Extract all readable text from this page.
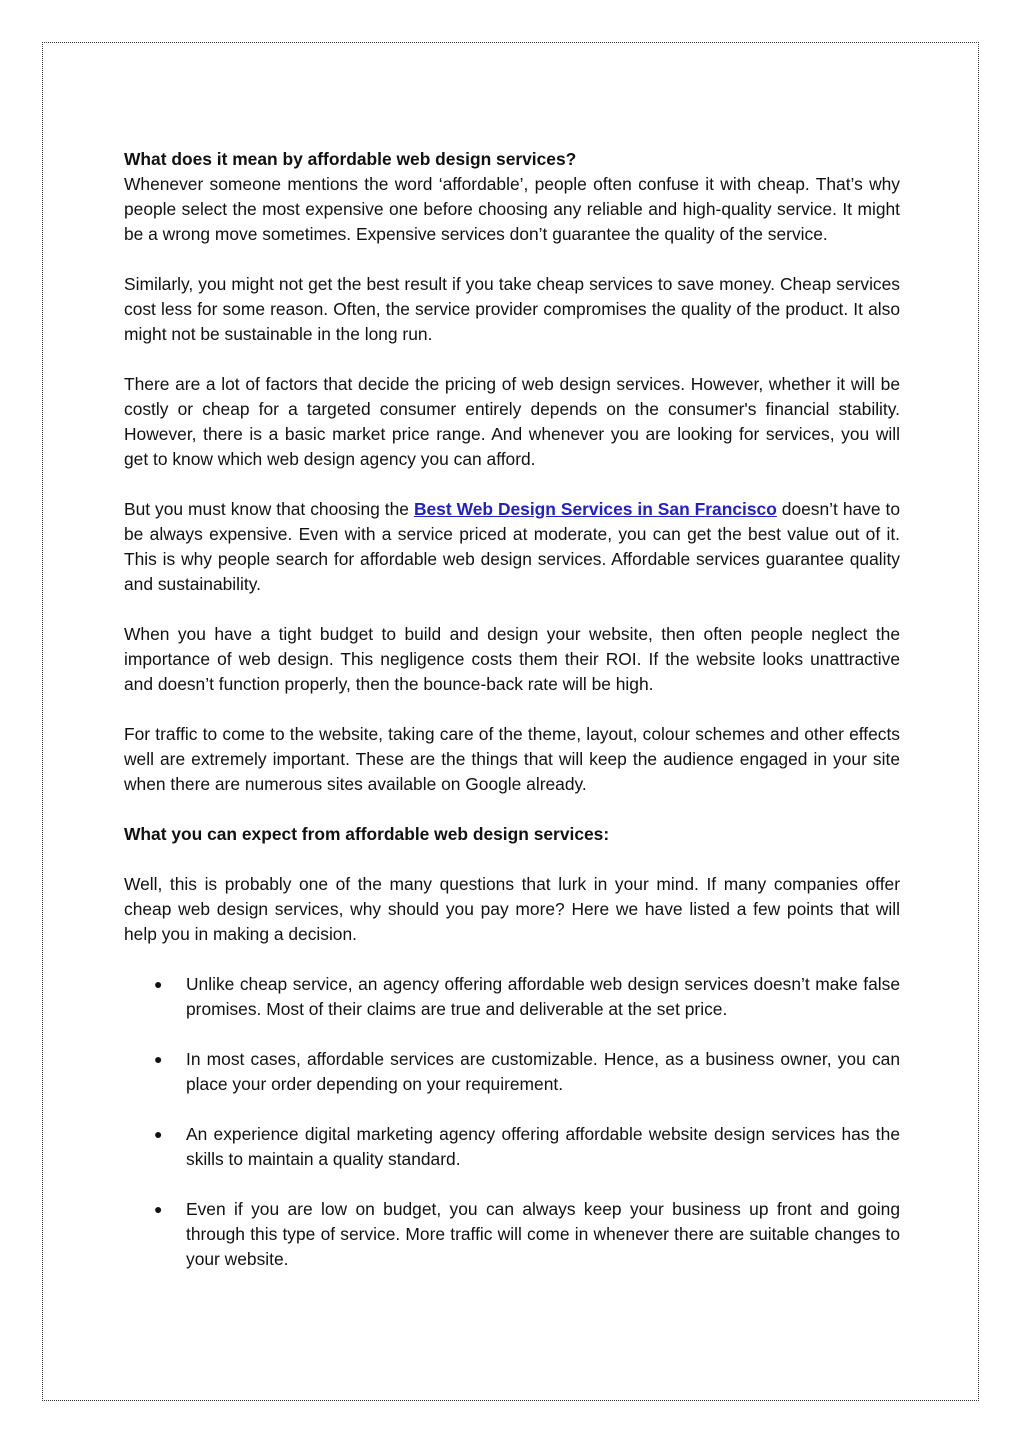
What does it mean by affordable web design services?

Whenever someone mentions the word ‘affordable’, people often confuse it with cheap. That’s why people select the most expensive one before choosing any reliable and high-quality service. It might be a wrong move sometimes. Expensive services don’t guarantee the quality of the service.

Similarly, you might not get the best result if you take cheap services to save money. Cheap services cost less for some reason. Often, the service provider compromises the quality of the product. It also might not be sustainable in the long run.

There are a lot of factors that decide the pricing of web design services. However, whether it will be costly or cheap for a targeted consumer entirely depends on the consumer's financial stability. However, there is a basic market price range. And whenever you are looking for services, you will get to know which web design agency you can afford.

But you must know that choosing the Best Web Design Services in San Francisco doesn’t have to be always expensive. Even with a service priced at moderate, you can get the best value out of it. This is why people search for affordable web design services. Affordable services guarantee quality and sustainability.

When you have a tight budget to build and design your website, then often people neglect the importance of web design. This negligence costs them their ROI. If the website looks unattractive and doesn’t function properly, then the bounce-back rate will be high.

For traffic to come to the website, taking care of the theme, layout, colour schemes and other effects well are extremely important. These are the things that will keep the audience engaged in your site when there are numerous sites available on Google already.

What you can expect from affordable web design services:

Well, this is probably one of the many questions that lurk in your mind. If many companies offer cheap web design services, why should you pay more? Here we have listed a few points that will help you in making a decision.

● Unlike cheap service, an agency offering affordable web design services doesn’t make false promises. Most of their claims are true and deliverable at the set price.
● In most cases, affordable services are customizable. Hence, as a business owner, you can place your order depending on your requirement.
● An experience digital marketing agency offering affordable website design services has the skills to maintain a quality standard.
● Even if you are low on budget, you can always keep your business up front and going through this type of service. More traffic will come in whenever there are suitable changes to your website.
